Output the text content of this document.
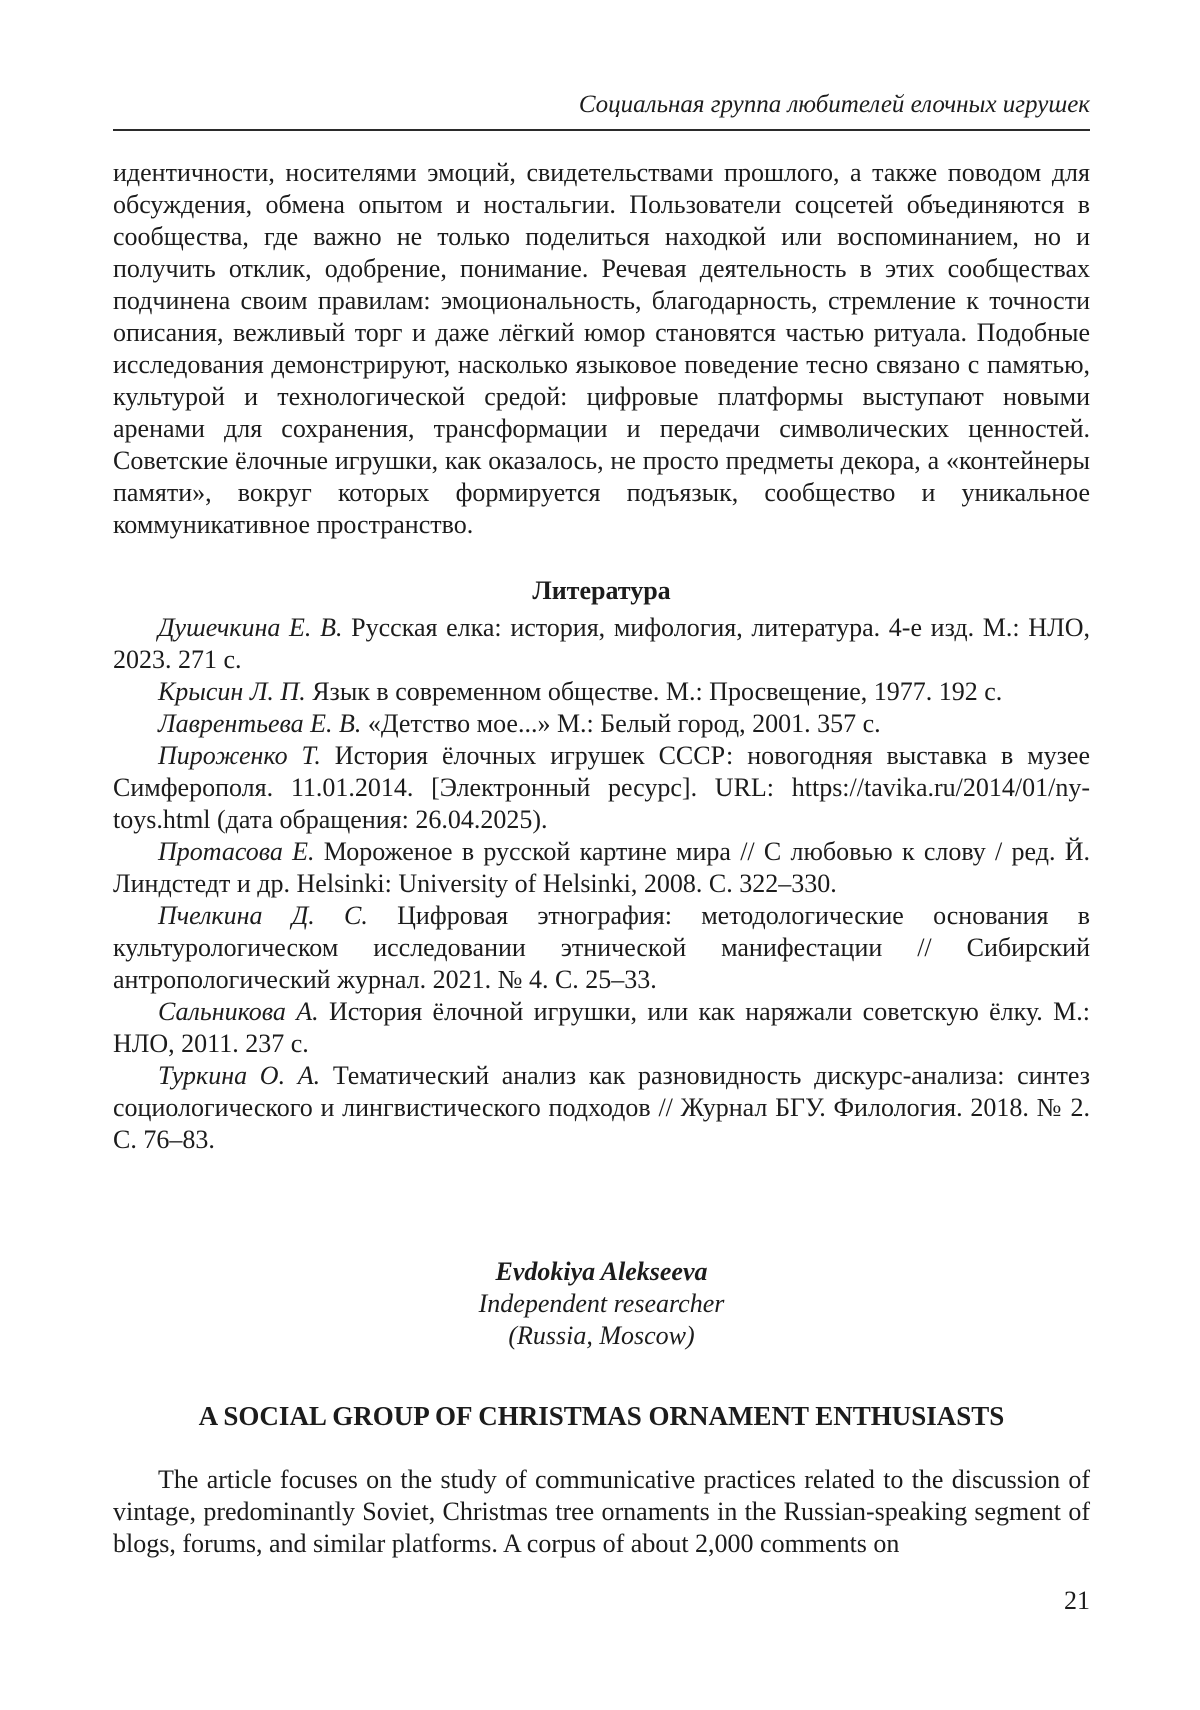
Социальная группа любителей елочных игрушек

идентичности, носителями эмоций, свидетельствами прошлого, а также поводом для обсуждения, обмена опытом и ностальгии. Пользователи соцсетей объединяются в сообщества, где важно не только поделиться находкой или воспоминанием, но и получить отклик, одобрение, понимание. Речевая деятельность в этих сообществах подчинена своим правилам: эмоциональность, благодарность, стремление к точности описания, вежливый торг и даже лёгкий юмор становятся частью ритуала. Подобные исследования демонстрируют, насколько языковое поведение тесно связано с памятью, культурой и технологической средой: цифровые платформы выступают новыми аренами для сохранения, трансформации и передачи символических ценностей. Советские ёлочные игрушки, как оказалось, не просто предметы декора, а «контейнеры памяти», вокруг которых формируется подъязык, сообщество и уникальное коммуникативное пространство.

Литература

Душечкина Е. В. Русская елка: история, мифология, литература. 4-е изд. М.: НЛО, 2023. 271 с.

Крысин Л. П. Язык в современном обществе. М.: Просвещение, 1977. 192 с.

Лаврентьева Е. В. «Детство мое...» М.: Белый город, 2001. 357 с.

Пироженко Т. История ёлочных игрушек СССР: новогодняя выставка в музее Симферополя. 11.01.2014. [Электронный ресурс]. URL: https://tavika.ru/2014/01/ny-toys.html (дата обращения: 26.04.2025).

Протасова Е. Мороженое в русской картине мира // С любовью к слову / ред. Й. Линдстедт и др. Helsinki: University of Helsinki, 2008. С. 322–330.

Пчелкина Д. С. Цифровая этнография: методологические основания в культурологическом исследовании этнической манифестации // Сибирский антропологический журнал. 2021. № 4. С. 25–33.

Сальникова А. История ёлочной игрушки, или как наряжали советскую ёлку. М.: НЛО, 2011. 237 с.

Туркина О. А. Тематический анализ как разновидность дискурс-анализа: синтез социологического и лингвистического подходов // Журнал БГУ. Филология. 2018. № 2. С. 76–83.

Evdokiya Alekseeva
Independent researcher
(Russia, Moscow)
A SOCIAL GROUP OF CHRISTMAS ORNAMENT ENTHUSIASTS

The article focuses on the study of communicative practices related to the discussion of vintage, predominantly Soviet, Christmas tree ornaments in the Russian-speaking segment of blogs, forums, and similar platforms. A corpus of about 2,000 comments on

21
